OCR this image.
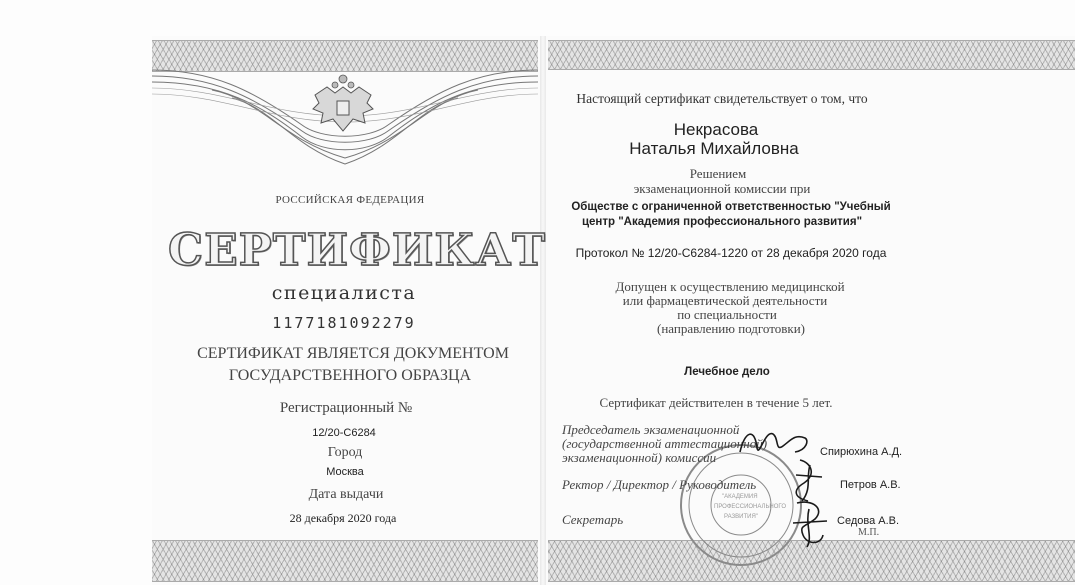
РОССИЙСКАЯ ФЕДЕРАЦИЯ
СЕРТИФИКАТ
специалиста
1177181092279
СЕРТИФИКАТ ЯВЛЯЕТСЯ ДОКУМЕНТОМ
ГОСУДАРСТВЕННОГО ОБРАЗЦА
Регистрационный №
12/20-С6284
Город
Москва
Дата выдачи
28 декабря 2020 года
Настоящий сертификат свидетельствует о том, что
Некрасова
Наталья Михайловна
Решением
экзаменационной комиссии при
Обществе с ограниченной ответственностью "Учебный
центр "Академия профессионального развития"
Протокол № 12/20-С6284-1220 от 28 декабря 2020 года
Допущен к осуществлению медицинской
или фармацевтической деятельности
по специальности
(направлению подготовки)
Лечебное дело
Сертификат действителен в течение 5 лет.
"АКАДЕМИЯ
ПРОФЕССИОНАЛЬНОГО
РАЗВИТИЯ"
Председатель экзаменационной
(государственной аттестационной)
экзаменационной) комиссии	Спирюхина А.Д.
Ректор / Директор / Руководитель	Петров А.В.
Секретарь	Седова А.В.
М.П.
